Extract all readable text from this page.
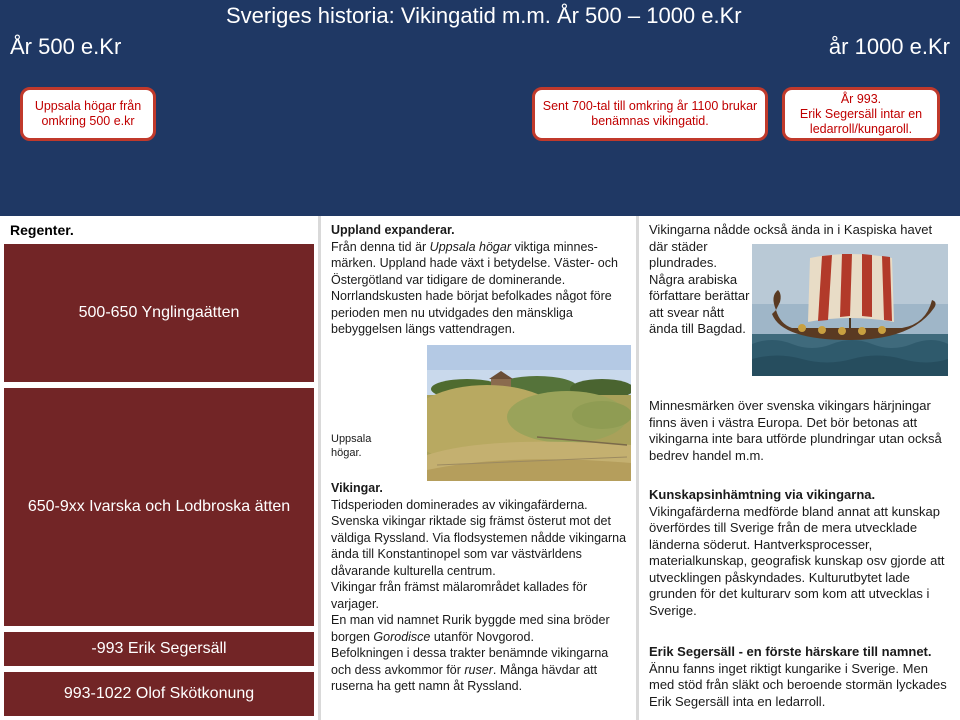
Sveriges historia: Vikingatid m.m. År 500 – 1000 e.Kr
År 500 e.Kr	år 1000 e.Kr
Uppsala högar från omkring 500 e.kr
Sent 700-tal till omkring år 1100 brukar benämnas vikingatid.
År 993.
Erik Segersäll intar en ledarroll/kungaroll.
Regenter.
500-650 Ynglingaätten
650-9xx Ivarska och Lodbroska ätten
-993 Erik Segersäll
993-1022 Olof Skötkonung
Uppland expanderar.
Från denna tid är Uppsala högar viktiga minnes-märken. Uppland hade växt i betydelse. Väster- och Östergötland var tidigare de dominerande.
Norrlandskusten hade börjat befolkades något före perioden men nu utvidgades den mänskliga bebyggelsen längs vattendragen.
Uppsala högar.
Vikingar.
Tidsperioden dominerades av vikingafärderna.
Svenska vikingar riktade sig främst österut mot det väldiga Ryssland. Via flodsystemen nådde vikingarna ända till Konstantinopel som var västvärldens dåvarande kulturella centrum.
Vikingar från främst mälarområdet kallades för varjager.
En man vid namnet Rurik byggde med sina bröder borgen Gorodisce utanför Novgorod.
Befolkningen i dessa trakter benämnde vikingarna och dess avkommor för ruser. Många hävdar att ruserna ha gett namn åt Ryssland.
Vikingarna nådde också ända in i Kaspiska havet
där städer plundrades. Några arabiska författare berättar att svear nått ända till Bagdad.
Minnesmärken över svenska vikingars härjningar finns även i västra Europa. Det bör betonas att vikingarna inte bara utförde plundringar utan också bedrev handel m.m.
Kunskapsinhämtning via vikingarna.
Vikingafärderna medförde bland annat att kunskap överfördes till Sverige från de mera utvecklade länderna söderut. Hantverksprocesser, materialkunskap, geografisk kunskap osv gjorde att utvecklingen påskyndades. Kulturutbytet lade grunden för det kulturarv som kom att utvecklas i Sverige.
Erik Segersäll - en förste härskare till namnet.
Ännu fanns inget riktigt kungarike i Sverige. Men med stöd från släkt och beroende stormän lyckades Erik Segersäll inta en ledarroll.
